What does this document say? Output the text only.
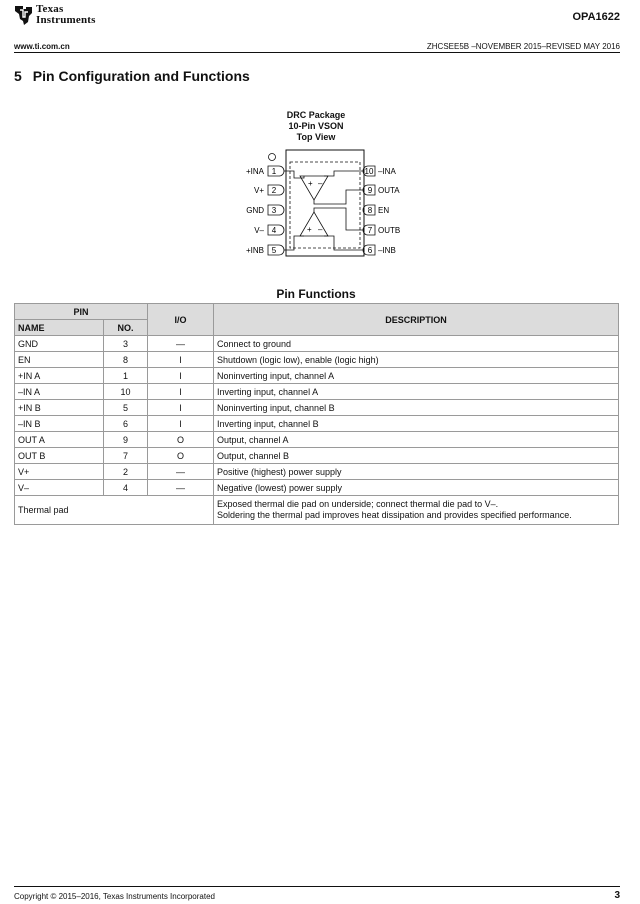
Texas
Instruments	OPA1622
www.ti.com.cn	ZHCSEE5B –NOVEMBER 2015–REVISED MAY 2016
5 Pin Configuration and Functions
DRC Package
10-Pin VSON
Top View
1
+INA
2
V+
3
GND
4
V–
5
+INB
10 –INA
9 OUTA
8 EN
7 OUTB
6 –INB
+ –
+ –
Pin Functions
PIN		I/O	DESCRIPTION
NAME	NO.		
GND	3	—	Connect to ground
EN	8	I	Shutdown (logic low), enable (logic high)
+IN A	1	I	Noninverting input, channel A
–IN A	10	I	Inverting input, channel A
+IN B	5	I	Noninverting input, channel B
–IN B	6	I	Inverting input, channel B
OUT A	9	O	Output, channel A
OUT B	7	O	Output, channel B
V+	2	—	Positive (highest) power supply
V–	4	—	Negative (lowest) power supply
Thermal pad			Exposed thermal die pad on underside; connect thermal die pad to V–.
Soldering the thermal pad improves heat dissipation and provides specified performance.
Copyright © 2015–2016, Texas Instruments Incorporated	3
